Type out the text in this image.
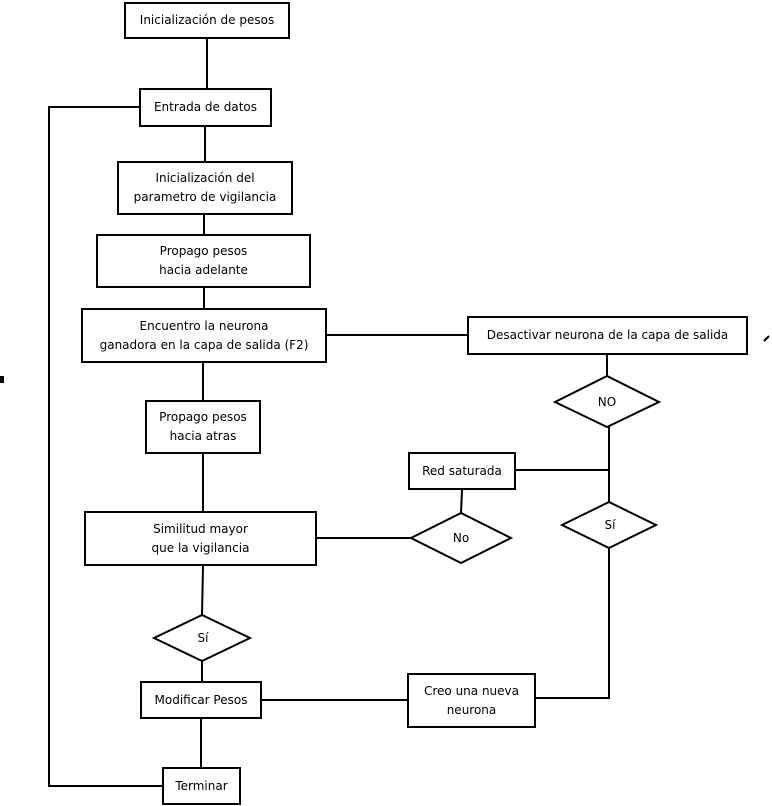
Inicialización de pesos
Entrada de datos
Inicialización del
parametro de vigilancia
Propago pesos
hacia adelante
Encuentro la neurona
ganadora en la capa de salida (F2)
Desactivar neurona de la capa de salida
Propago pesos
hacia atras
Red saturada
Similitud mayor
que la vigilancia
Modificar Pesos
Creo una nueva
neurona
Terminar
NO
Sí
No
Sí
